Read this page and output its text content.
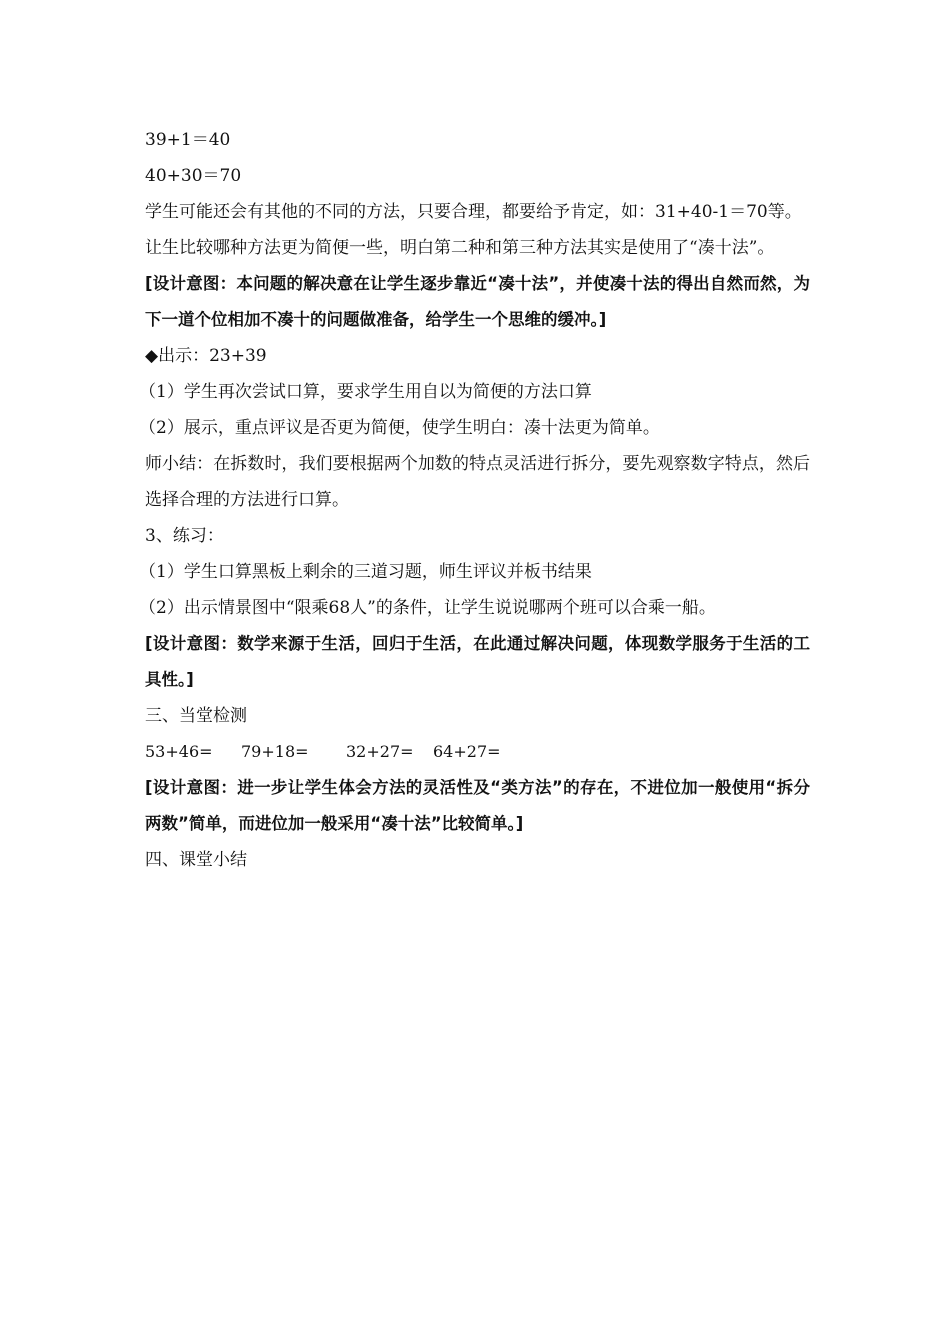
39+1＝40
40+30＝70
学生可能还会有其他的不同的方法，只要合理，都要给予肯定，如：31+40-1＝70等。
让生比较哪种方法更为简便一些，明白第二种和第三种方法其实是使用了“凑十法”。
[设计意图：本问题的解决意在让学生逐步靠近“凑十法”，并使凑十法的得出自然而然，为下一道个位相加不凑十的问题做准备，给学生一个思维的缓冲。]
◆出示：23+39
（1）学生再次尝试口算，要求学生用自以为简便的方法口算
（2）展示，重点评议是否更为简便，使学生明白：凑十法更为简单。
师小结：在拆数时，我们要根据两个加数的特点灵活进行拆分，要先观察数字特点，然后选择合理的方法进行口算。
3、练习：
（1）学生口算黑板上剩余的三道习题，师生评议并板书结果
（2）出示情景图中“限乘68人”的条件，让学生说说哪两个班可以合乘一船。
[设计意图：数学来源于生活，回归于生活，在此通过解决问题，体现数学服务于生活的工具性。]
三、当堂检测
53+46= 79+18= 32+27= 64+27=
[设计意图：进一步让学生体会方法的灵活性及“类方法”的存在，不进位加一般使用“拆分两数”简单，而进位加一般采用“凑十法”比较简单。]
四、课堂小结
